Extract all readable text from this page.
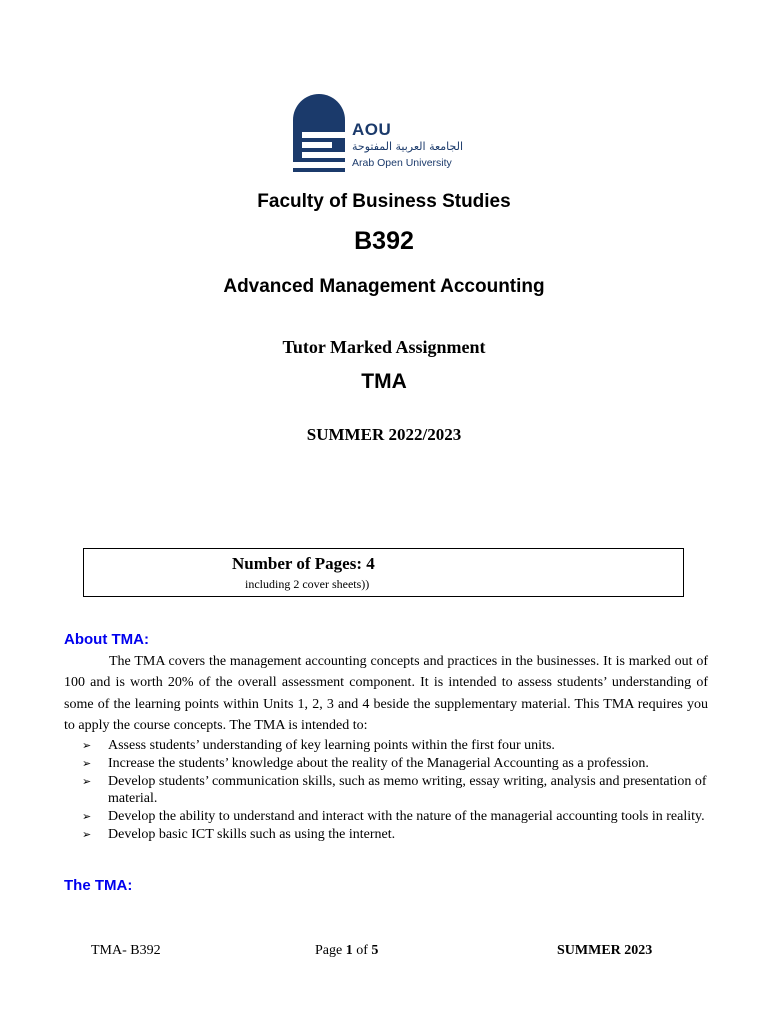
AOU
الجامعة العربية المفتوحة
Arab Open University
Faculty of Business Studies
B392
Advanced Management Accounting
Tutor Marked Assignment
TMA
SUMMER 2022/2023
Number of Pages: 4
including 2 cover sheets))
About TMA:
The TMA covers the management accounting concepts and practices in the businesses. It is marked out of 100 and is worth 20% of the overall assessment component. It is intended to assess students’ understanding of some of the learning points within Units 1, 2, 3 and 4 beside the supplementary material. This TMA requires you to apply the course concepts. The TMA is intended to:
➢ Assess students’ understanding of key learning points within the first four units.
➢ Increase the students’ knowledge about the reality of the Managerial Accounting as a profession.
➢ Develop students’ communication skills, such as memo writing, essay writing, analysis and presentation of material.
➢ Develop the ability to understand and interact with the nature of the managerial accounting tools in reality.
➢ Develop basic ICT skills such as using the internet.
The TMA:
TMA- B392	Page 1 of 5	SUMMER 2023
